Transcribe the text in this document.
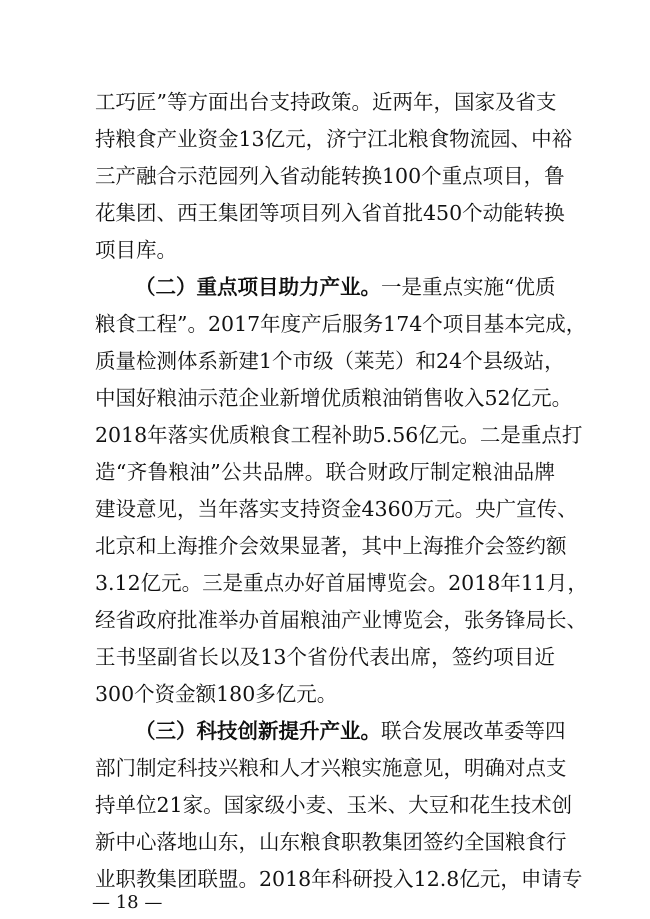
工巧匠”等方面出台支持政策。近两年，国家及省支
持粮食产业资金13亿元，济宁江北粮食物流园、中裕
三产融合示范园列入省动能转换100个重点项目，鲁
花集团、西王集团等项目列入省首批450个动能转换
项目库。
（二）重点项目助力产业。一是重点实施“优质
粮食工程”。2017年度产后服务174个项目基本完成，
质量检测体系新建1个市级（莱芜）和24个县级站，
中国好粮油示范企业新增优质粮油销售收入52亿元。
2018年落实优质粮食工程补助5.56亿元。二是重点打
造“齐鲁粮油”公共品牌。联合财政厅制定粮油品牌
建设意见，当年落实支持资金4360万元。央广宣传、
北京和上海推介会效果显著，其中上海推介会签约额
3.12亿元。三是重点办好首届博览会。2018年11月，
经省政府批准举办首届粮油产业博览会，张务锋局长、
王书坚副省长以及13个省份代表出席，签约项目近
300个资金额180多亿元。
（三）科技创新提升产业。联合发展改革委等四
部门制定科技兴粮和人才兴粮实施意见，明确对点支
持单位21家。国家级小麦、玉米、大豆和花生技术创
新中心落地山东，山东粮食职教集团签约全国粮食行
业职教集团联盟。2018年科研投入12.8亿元，申请专
— 18 —
